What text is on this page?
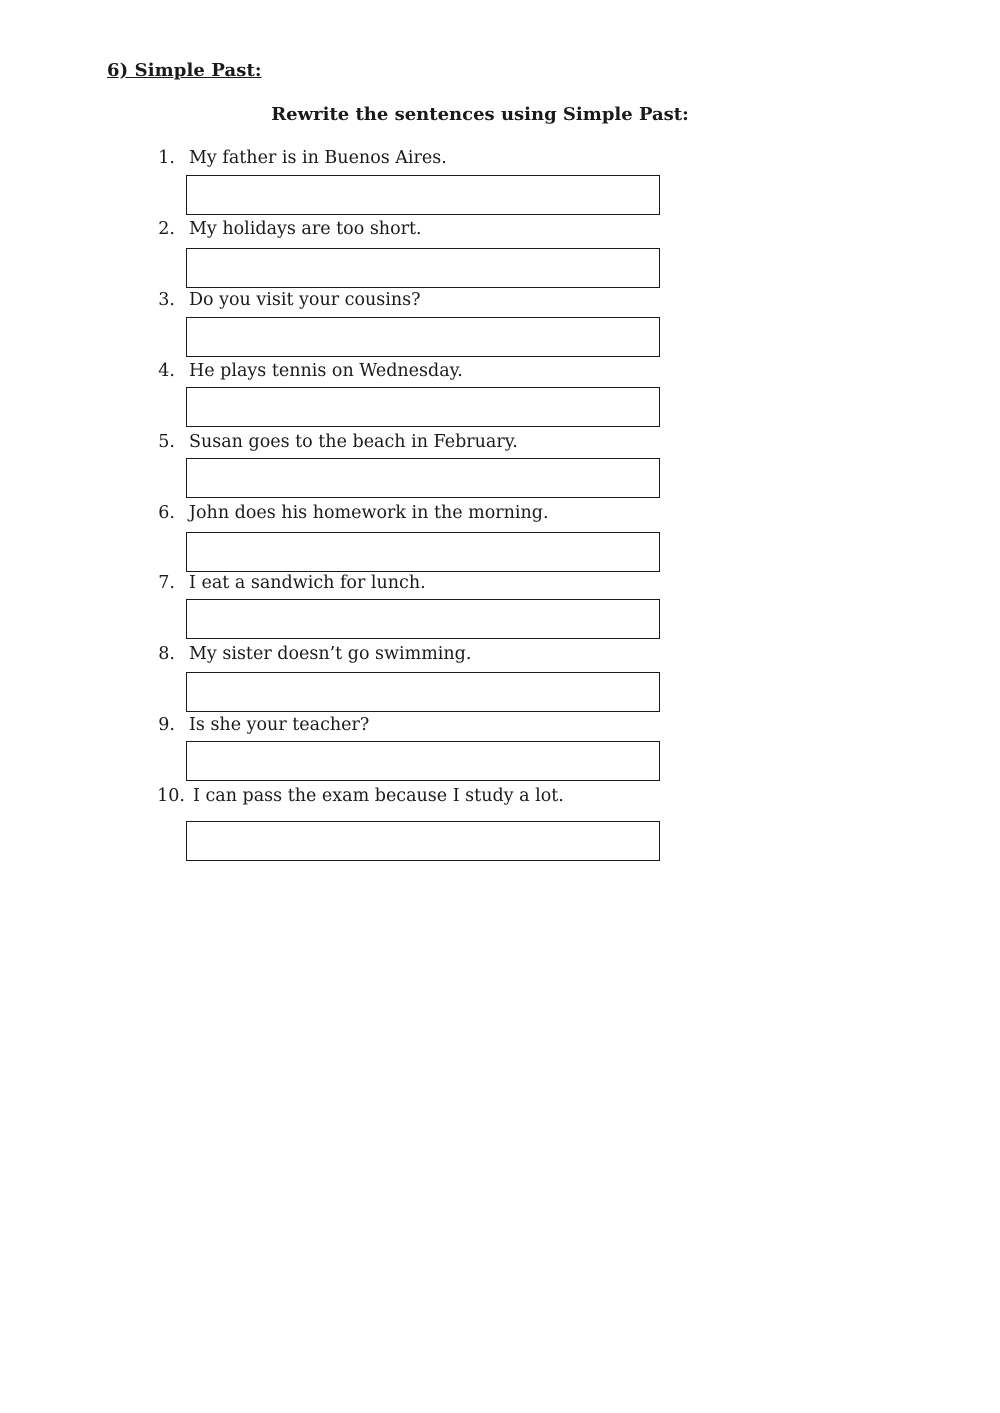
6) Simple Past:
Rewrite the sentences using Simple Past:
1. My father is in Buenos Aires.
2. My holidays are too short.
3. Do you visit your cousins?
4. He plays tennis on Wednesday.
5. Susan goes to the beach in February.
6. John does his homework in the morning.
7. I eat a sandwich for lunch.
8. My sister doesn’t go swimming.
9. Is she your teacher?
10. I can pass the exam because I study a lot.
